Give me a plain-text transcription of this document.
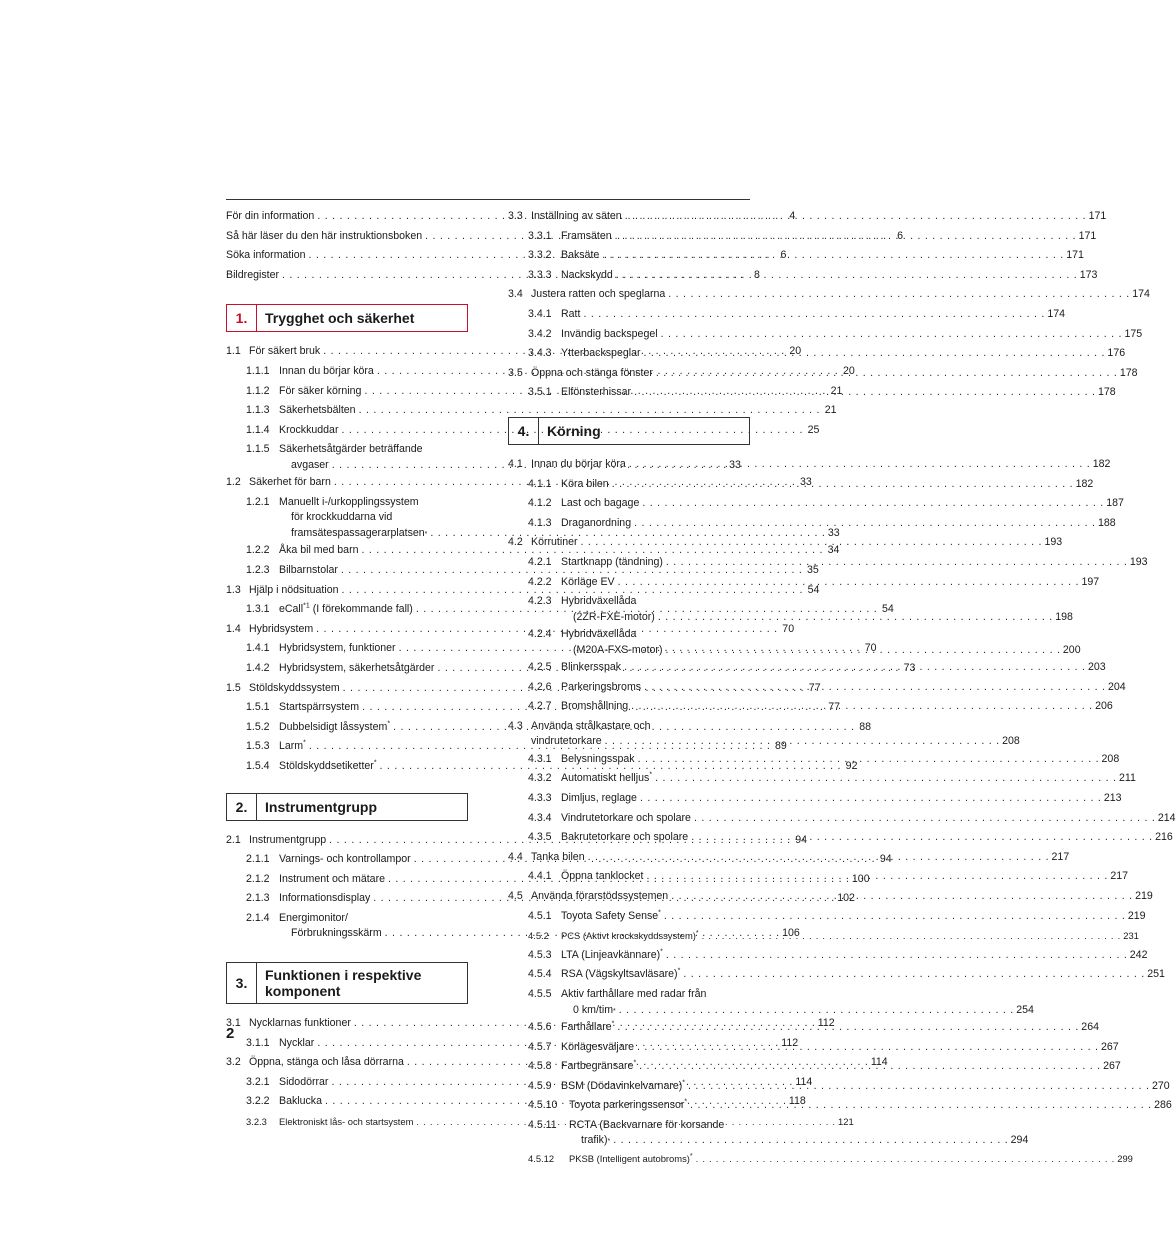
För din information . . .	4
Så här läser du den här instruktionsboken . . .	6
Söka information . . .	6
Bildregister . . .	8
1.	Trygghet och säkerhet
1.1 För säkert bruk . . .	20
1.1.1 Innan du börjar köra . . .	20
1.1.2 För säker körning . . .	21
1.1.3 Säkerhetsbälten . . .	21
1.1.4 Krockkuddar . . .	25
1.1.5 Säkerhetsåtgärder beträffande
avgaser . . .	33
1.2 Säkerhet för barn . . .	33
1.2.1 Manuellt i-/urkopplingssystem
för krockkuddarna vid
framsätespassagerarplatsen * . . .	33
1.2.2 Åka bil med barn . . .	34
1.2.3 Bilbarnstolar . . .	35
1.3 Hjälp i nödsituation . . .	54
1.3.1 eCall$^{*1}$ (I förekommande fall) . . .	54
1.4 Hybridsystem . . .	70
1.4.1 Hybridsystem, funktioner . . .	70
1.4.2 Hybridsystem, säkerhetsåtgärder . . .	73
1.5 Stöldskyddssystem . . .	77
1.5.1 Startspärrsystem . . .	77
1.5.2 Dubbelsidigt låssystem* . . .	88
1.5.3 Larm* . . .	89
1.5.4 Stöldskyddsetiketter* . . .	92
2.	Instrumentgrupp
2.1 Instrumentgrupp . . .	94
2.1.1 Varnings- och kontrollampor . . .	94
2.1.2 Instrument och mätare . . .	100
2.1.3 Informationsdisplay . . .	102
2.1.4 Energimonitor/
Förbrukningsskärm . . .	106
3.	Funktionen i respektive
komponent
3.1 Nycklarnas funktioner . . .	112
3.1.1 Nycklar . . .	112
3.2 Öppna, stänga och låsa dörrarna . . .	114
3.2.1 Sidodörrar . . .	114
3.2.2 Baklucka . . .	118
3.2.3	Elektroniskt lås- och startsystem . . .	121
3.3 Inställning av säten . . .	171
3.3.1 Framsäten . . .	171
3.3.2 Baksäte . . .	171
3.3.3 Nackskydd . . .	173
3.4 Justera ratten och speglarna . . .	174
3.4.1 Ratt . . .	174
3.4.2 Invändig backspegel . . .	175
3.4.3 Ytterbackspeglar . . .	176
3.5 Öppna och stänga fönster . . .	178
3.5.1 Elfönsterhissar . . .	178
4.	Körning
4.1 Innan du börjar köra . . .	182
4.1.1 Köra bilen . . .	182
4.1.2 Last och bagage . . .	187
4.1.3 Draganordning . . .	188
4.2 Körrutiner . . .	193
4.2.1 Startknapp (tändning) . . .	193
4.2.2 Körläge EV . . .	197
4.2.3 Hybridväxellåda
(2ZR-FXE-motor) . . .	198
4.2.4 Hybridväxellåda
(M20A-FXS-motor) . . .	200
4.2.5 Blinkersspak . . .	203
4.2.6 Parkeringsbroms . . .	204
4.2.7 Bromshållning . . .	206
4.3 Använda strålkastare och
vindrutetorkare . . .	208
4.3.1 Belysningsspak . . .	208
4.3.2 Automatiskt helljus* . . .	211
4.3.3 Dimljus, reglage . . .	213
4.3.4 Vindrutetorkare och spolare . . .	214
4.3.5 Bakrutetorkare och spolare . . .	216
4.4 Tanka bilen . . .	217
4.4.1 Öppna tanklocket . . .	217
4.5 Använda förarstödssystemen . . .	219
4.5.1 Toyota Safety Sense* . . .	219
4.5.2	PCS (Aktivt krockskyddssystem)* . . .	231
4.5.3 LTA (Linjeavkännare)* . . .	242
4.5.4 RSA (Vägskyltsavläsare)* . . .	251
4.5.5 Aktiv farthållare med radar från
0 km/tim * . . .	254
4.5.6 Farthållare* . . .	264
4.5.7 Körlägesväljare . . .	267
4.5.8 Fartbegränsare* . . .	267
4.5.9 BSM (Dödavinkelvarnare)* . . .	270
4.5.10	Toyota parkeringssensor* . . .	286
4.5.11	RCTA (Backvarnare för korsande
trafik) * . . .	294
4.5.12	PKSB (Intelligent autobroms)* . . .	299
2
